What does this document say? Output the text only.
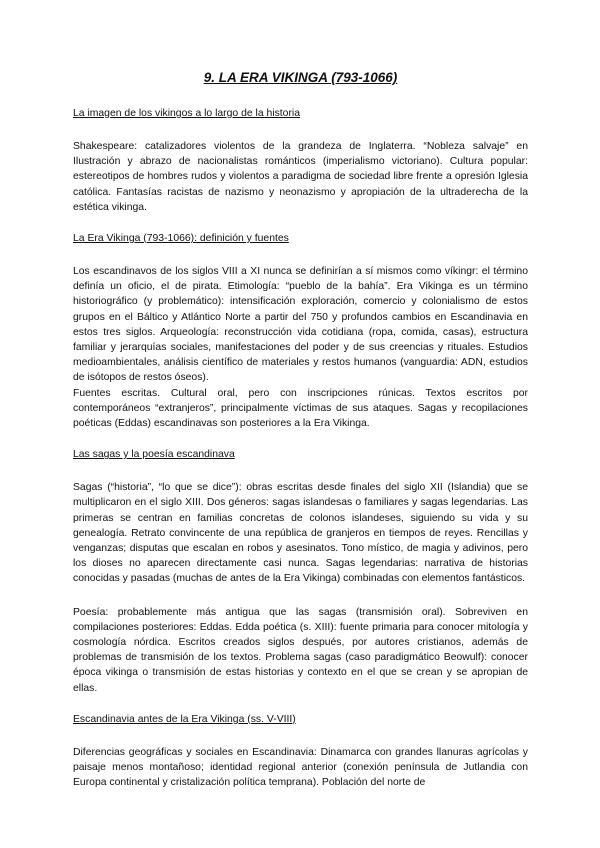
9. LA ERA VIKINGA (793-1066)

La imagen de los vikingos a lo largo de la historia

Shakespeare: catalizadores violentos de la grandeza de Inglaterra. “Nobleza salvaje” en Ilustración y abrazo de nacionalistas románticos (imperialismo victoriano). Cultura popular: estereotipos de hombres rudos y violentos a paradigma de sociedad libre frente a opresión Iglesia católica. Fantasías racistas de nazismo y neonazismo y apropiación de la ultraderecha de la estética vikinga.

La Era Vikinga (793-1066): definición y fuentes

Los escandinavos de los siglos VIII a XI nunca se definirían a sí mismos como víkingr: el término definía un oficio, el de pirata. Etimología: “pueblo de la bahía”. Era Vikinga es un término historiográfico (y problemático): intensificación exploración, comercio y colonialismo de estos grupos en el Báltico y Atlántico Norte a partir del 750 y profundos cambios en Escandinavia en estos tres siglos. Arqueología: reconstrucción vida cotidiana (ropa, comida, casas), estructura familiar y jerarquías sociales, manifestaciones del poder y de sus creencias y rituales. Estudios medioambientales, análisis científico de materiales y restos humanos (vanguardia: ADN, estudios de isótopos de restos óseos).

Fuentes escritas. Cultural oral, pero con inscripciones rúnicas. Textos escritos por contemporáneos “extranjeros”, principalmente víctimas de sus ataques. Sagas y recopilaciones poéticas (Eddas) escandinavas son posteriores a la Era Vikinga.

Las sagas y la poesía escandinava

Sagas (“historia”, “lo que se dice”): obras escritas desde finales del siglo XII (Islandia) que se multiplicaron en el siglo XIII. Dos géneros: sagas islandesas o familiares y sagas legendarias. Las primeras se centran en familias concretas de colonos islandeses, siguiendo su vida y su genealogía. Retrato convincente de una república de granjeros en tiempos de reyes. Rencillas y venganzas; disputas que escalan en robos y asesinatos. Tono místico, de magia y adivinos, pero los dioses no aparecen directamente casi nunca. Sagas legendarias: narrativa de historias conocidas y pasadas (muchas de antes de la Era Vikinga) combinadas con elementos fantásticos.

Poesía: probablemente más antigua que las sagas (transmisión oral). Sobreviven en compilaciones posteriores: Eddas. Edda poética (s. XIII): fuente primaria para conocer mitología y cosmología nórdica. Escritos creados siglos después, por autores cristianos, además de problemas de transmisión de los textos. Problema sagas (caso paradigmático Beowulf): conocer época vikinga o transmisión de estas historias y contexto en el que se crean y se apropian de ellas.

Escandinavia antes de la Era Vikinga (ss. V-VIII)

Diferencias geográficas y sociales en Escandinavia: Dinamarca con grandes llanuras agrícolas y paisaje menos montañoso; identidad regional anterior (conexión península de Jutlandia con Europa continental y cristalización política temprana). Población del norte de
